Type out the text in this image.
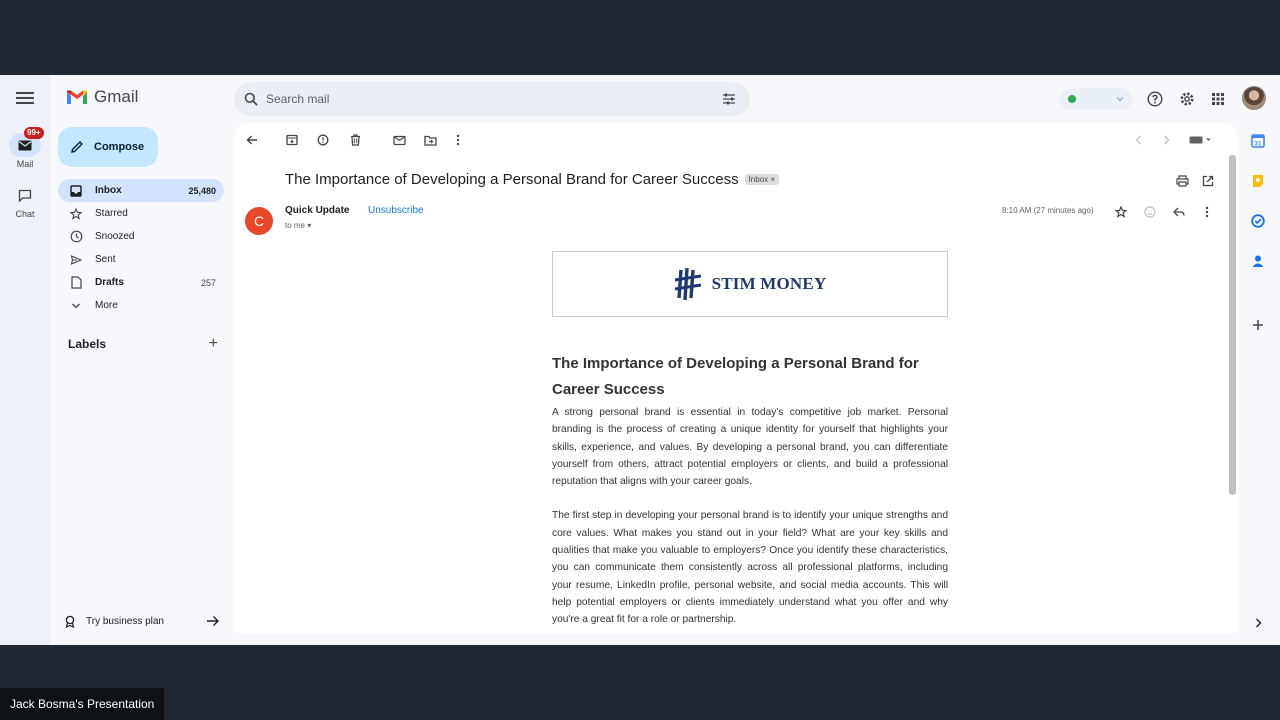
99+
Mail
Chat
Gmail
Compose
Inbox	25,480
Starred
Snoozed
Sent
Drafts	257
More
Labels	+
Try business plan
Search mail
The Importance of Developing a Personal Brand for Career Success Inbox ×
C
Quick Update Unsubscribe
to me ▾
8:10 AM (27 minutes ago)
STIM MONEY
The Importance of Developing a Personal Brand for Career Success

A strong personal brand is essential in today's competitive job market. Personal branding is the process of creating a unique identity for yourself that highlights your skills, experience, and values. By developing a personal brand, you can differentiate yourself from others, attract potential employers or clients, and build a professional reputation that aligns with your career goals.

The first step in developing your personal brand is to identify your unique strengths and core values. What makes you stand out in your field? What are your key skills and qualities that make you valuable to employers? Once you identify these characteristics, you can communicate them consistently across all professional platforms, including your resume, LinkedIn profile, personal website, and social media accounts. This will help potential employers or clients immediately understand what you offer and why you're a great fit for a role or partnership.

31
Jack Bosma's Presentation
